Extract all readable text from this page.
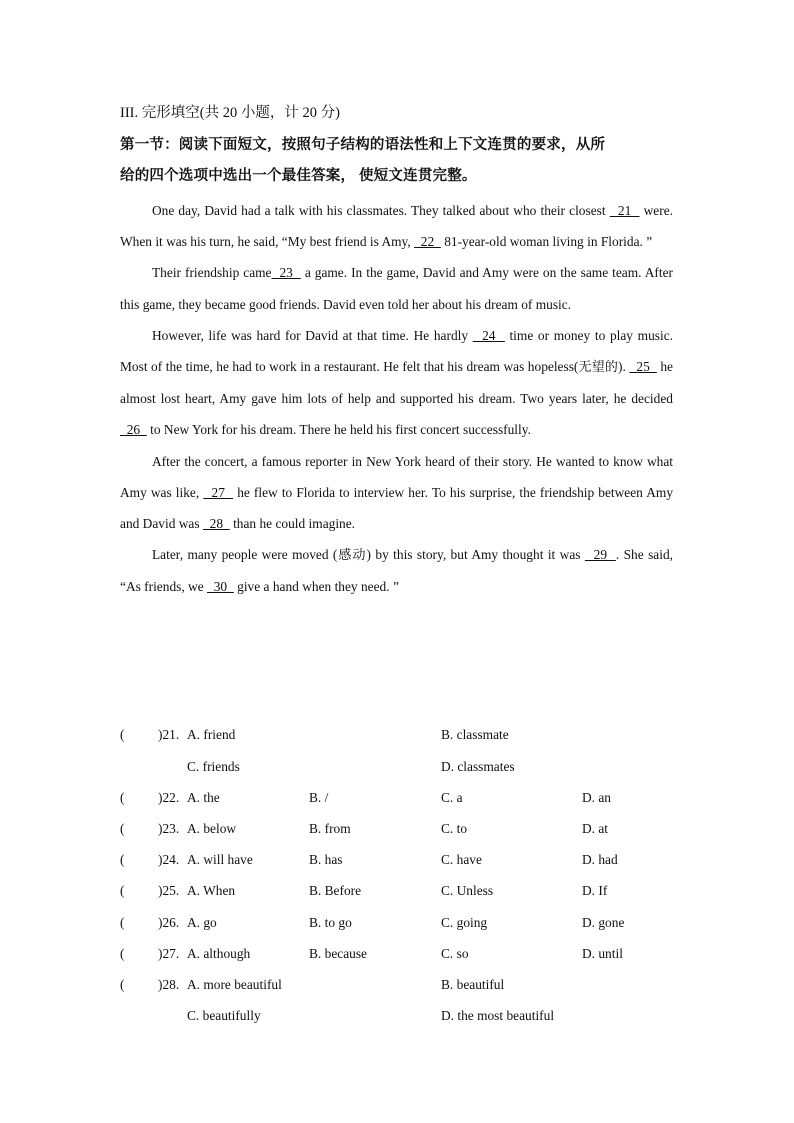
III. 完形填空(共 20 小题，计 20 分)
第一节：阅读下面短文，按照句子结构的语法性和上下文连贯的要求，从所
给的四个选项中选出一个最佳答案， 使短文连贯完整。

One day, David had a talk with his classmates. They talked about who their closest   21   were. When it was his turn, he said, “My best friend is Amy,   22   81-year-old woman living in Florida. ”

Their friendship came  23   a game. In the game, David and Amy were on the same team. After this game, they became good friends. David even told her about his dream of music.

However, life was hard for David at that time. He hardly   24   time or money to play music. Most of the time, he had to work in a restaurant. He felt that his dream was hopeless(无望的).   25   he almost lost heart, Amy gave him lots of help and supported his dream. Two years later, he decided   26   to New York for his dream. There he held his first concert successfully.

After the concert, a famous reporter in New York heard of their story. He wanted to know what Amy was like,   27   he flew to Florida to interview her. To his surprise, the friendship between Amy and David was   28   than he could imagine.

Later, many people were moved (感动) by this story, but Amy thought it was   29  . She said, “As friends, we   30   give a hand when they need. ”

(	)21. A. friend	B. classmate
C. friends	D. classmates
(	)22. A. the	B. /	C. a	D. an
(	)23. A. below	B. from	C. to	D. at
(	)24. A. will have	B. has	C. have	D. had
(	)25. A. When	B. Before	C. Unless	D. If
(	)26. A. go	B. to go	C. going	D. gone
(	)27. A. although	B. because	C. so	D. until
(	)28. A. more beautiful	B. beautiful
C. beautifully	D. the most beautiful
